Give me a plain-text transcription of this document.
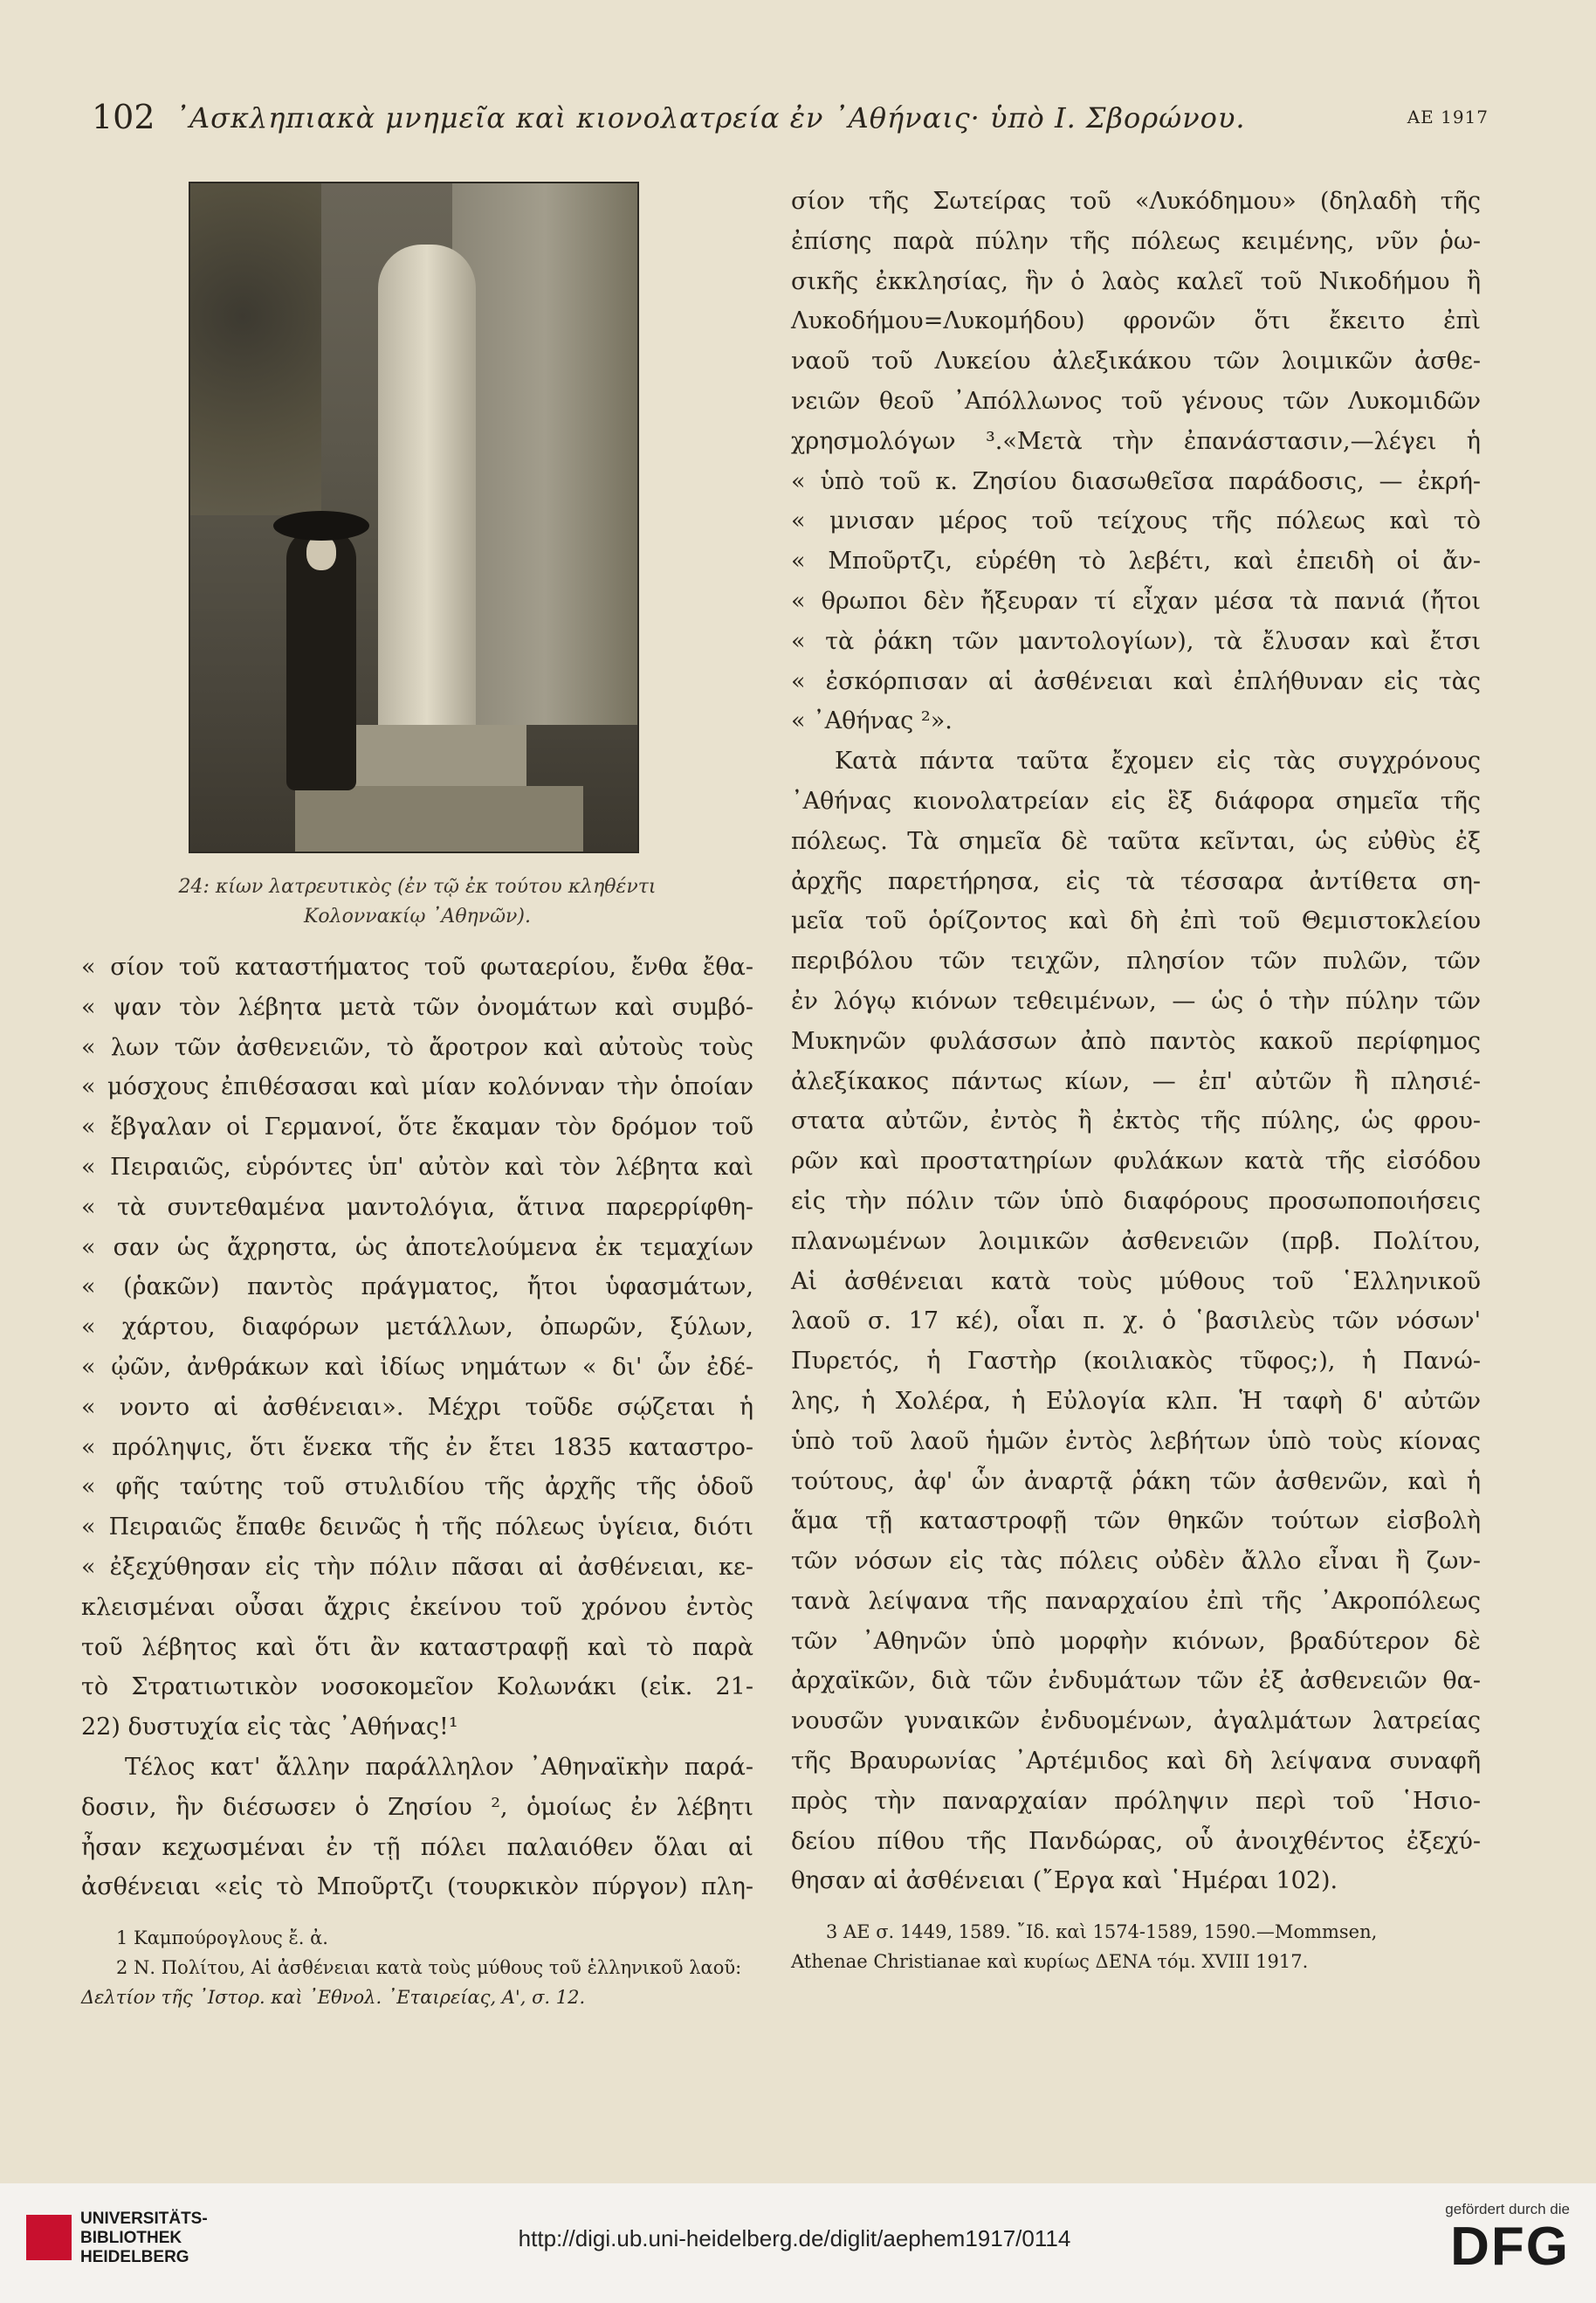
102 ᾿Ασκληπιακὰ μνημεῖα καὶ κιονολατρεία ἐν ᾿Αθήναις· ὑπὸ Ι. Σβορώνου.	ΑΕ 1917
24: κίων λατρευτικὸς (ἐν τῷ ἐκ τούτου κληθέντι
Κολοννακίῳ ᾿Αθηνῶν).

« σίον τοῦ καταστήματος τοῦ φωταερίου, ἔνθα ἔθα-

« ψαν τὸν λέβητα μετὰ τῶν ὀνομάτων καὶ συμβό-

« λων τῶν ἀσθενειῶν, τὸ ἄροτρον καὶ αὐτοὺς τοὺς

« μόσχους ἐπιθέσασαι καὶ μίαν κολόνναν τὴν ὁποίαν

« ἔβγαλαν οἱ Γερμανοί, ὅτε ἔκαμαν τὸν δρόμον τοῦ

« Πειραιῶς, εὑρόντες ὑπ' αὐτὸν καὶ τὸν λέβητα καὶ

« τὰ συντεθαμένα μαντολόγια, ἅτινα παρερρίφθη-

« σαν ὡς ἄχρηστα, ὡς ἀποτελούμενα ἐκ τεμαχίων

« (ῥακῶν) παντὸς πράγματος, ἤτοι ὑφασμάτων,

« χάρτου, διαφόρων μετάλλων, ὀπωρῶν, ξύλων,

« ᾠῶν, ἀνθράκων καὶ ἰδίως νημάτων « δι' ὧν ἐδέ-

« νοντο αἱ ἀσθένειαι». Μέχρι τοῦδε σῴζεται ἡ

« πρόληψις, ὅτι ἕνεκα τῆς ἐν ἔτει 1835 καταστρο-

« φῆς ταύτης τοῦ στυλιδίου τῆς ἀρχῆς τῆς ὁδοῦ

« Πειραιῶς ἔπαθε δεινῶς ἡ τῆς πόλεως ὑγίεια, διότι

« ἐξεχύθησαν εἰς τὴν πόλιν πᾶσαι αἱ ἀσθένειαι, κε-

κλεισμέναι οὖσαι ἄχρις ἐκείνου τοῦ χρόνου ἐντὸς

τοῦ λέβητος καὶ ὅτι ἂν καταστραφῇ καὶ τὸ παρὰ

τὸ Στρατιωτικὸν νοσοκομεῖον Κολωνάκι (εἰκ. 21-

22) δυστυχία εἰς τὰς ᾿Αθήνας!¹

Τέλος κατ' ἄλλην παράλληλον ᾿Αθηναϊκὴν παρά-

δοσιν, ἣν διέσωσεν ὁ Ζησίου ², ὁμοίως ἐν λέβητι

ἦσαν κεχωσμέναι ἐν τῇ πόλει παλαιόθεν ὅλαι αἱ

ἀσθένειαι «εἰς τὸ Μποῦρτζι (τουρκικὸν πύργον) πλη-

1 Καμπούρογλους ἔ. ἀ.

2 Ν. Πολίτου, Αἱ ἀσθένειαι κατὰ τοὺς μύθους τοῦ ἑλληνικοῦ λαοῦ:

Δελτίον τῆς ᾿Ιστορ. καὶ ᾿Εθνολ. ᾿Εταιρείας, Α', σ. 12.

σίον τῆς Σωτείρας τοῦ «Λυκόδημου» (δηλαδὴ τῆς

ἐπίσης παρὰ πύλην τῆς πόλεως κειμένης, νῦν ῥω-

σικῆς ἐκκλησίας, ἣν ὁ λαὸς καλεῖ τοῦ Νικοδήμου ἢ

Λυκοδήμου=Λυκομήδου) φρονῶν ὅτι ἔκειτο ἐπὶ

ναοῦ τοῦ Λυκείου ἀλεξικάκου τῶν λοιμικῶν ἀσθε-

νειῶν θεοῦ ᾿Απόλλωνος τοῦ γένους τῶν Λυκομιδῶν

χρησμολόγων ³.«Μετὰ τὴν ἐπανάστασιν,—λέγει ἡ

« ὑπὸ τοῦ κ. Ζησίου διασωθεῖσα παράδοσις, — ἐκρή-

« μνισαν μέρος τοῦ τείχους τῆς πόλεως καὶ τὸ

« Μποῦρτζι, εὑρέθη τὸ λεβέτι, καὶ ἐπειδὴ οἱ ἄν-

« θρωποι δὲν ἤξευραν τί εἶχαν μέσα τὰ πανιά (ἤτοι

« τὰ ῥάκη τῶν μαντολογίων), τὰ ἔλυσαν καὶ ἔτσι

« ἐσκόρπισαν αἱ ἀσθένειαι καὶ ἐπλήθυναν εἰς τὰς

« ᾿Αθήνας ²».

Κατὰ πάντα ταῦτα ἔχομεν εἰς τὰς συγχρόνους

᾿Αθήνας κιονολατρείαν εἰς ἓξ διάφορα σημεῖα τῆς

πόλεως. Τὰ σημεῖα δὲ ταῦτα κεῖνται, ὡς εὐθὺς ἐξ

ἀρχῆς παρετήρησα, εἰς τὰ τέσσαρα ἀντίθετα ση-

μεῖα τοῦ ὁρίζοντος καὶ δὴ ἐπὶ τοῦ Θεμιστοκλείου

περιβόλου τῶν τειχῶν, πλησίον τῶν πυλῶν, τῶν

ἐν λόγῳ κιόνων τεθειμένων, — ὡς ὁ τὴν πύλην τῶν

Μυκηνῶν φυλάσσων ἀπὸ παντὸς κακοῦ περίφημος

ἀλεξίκακος πάντως κίων, — ἐπ' αὐτῶν ἢ πλησιέ-

στατα αὐτῶν, ἐντὸς ἢ ἐκτὸς τῆς πύλης, ὡς φρου-

ρῶν καὶ προστατηρίων φυλάκων κατὰ τῆς εἰσόδου

εἰς τὴν πόλιν τῶν ὑπὸ διαφόρους προσωποποιήσεις

πλανωμένων λοιμικῶν ἀσθενειῶν (πρβ. Πολίτου,

Αἱ ἀσθένειαι κατὰ τοὺς μύθους τοῦ ῾Ελληνικοῦ

λαοῦ σ. 17 κέ), οἷαι π. χ. ὁ ῾βασιλεὺς τῶν νόσων'

Πυρετός, ἡ Γαστὴρ (κοιλιακὸς τῦφος;), ἡ Πανώ-

λης, ἡ Χολέρα, ἡ Εὐλογία κλπ. Ἡ ταφὴ δ' αὐτῶν

ὑπὸ τοῦ λαοῦ ἡμῶν ἐντὸς λεβήτων ὑπὸ τοὺς κίονας

τούτους, ἀφ' ὧν ἀναρτᾷ ῥάκη τῶν ἀσθενῶν, καὶ ἡ

ἅμα τῇ καταστροφῇ τῶν θηκῶν τούτων εἰσβολὴ

τῶν νόσων εἰς τὰς πόλεις οὐδὲν ἄλλο εἶναι ἢ ζων-

τανὰ λείψανα τῆς παναρχαίου ἐπὶ τῆς ᾿Ακροπόλεως

τῶν ᾿Αθηνῶν ὑπὸ μορφὴν κιόνων, βραδύτερον δὲ

ἀρχαϊκῶν, διὰ τῶν ἐνδυμάτων τῶν ἐξ ἀσθενειῶν θα-

νουσῶν γυναικῶν ἐνδυομένων, ἀγαλμάτων λατρείας

τῆς Βραυρωνίας ᾿Αρτέμιδος καὶ δὴ λείψανα συναφῆ

πρὸς τὴν παναρχαίαν πρόληψιν περὶ τοῦ ῾Ησιο-

δείου πίθου τῆς Πανδώρας, οὗ ἀνοιχθέντος ἐξεχύ-

θησαν αἱ ἀσθένειαι (῎Εργα καὶ ῾Ημέραι 102).

3 ΑΕ σ. 1449, 1589. ῎Ιδ. καὶ 1574-1589, 1590.—Mommsen,

Athenae Christianae καὶ κυρίως ΔΕΝΑ τόμ. XVIII 1917.

UNIVERSITÄTS-
BIBLIOTHEK
HEIDELBERG
http://digi.ub.uni-heidelberg.de/diglit/aephem1917/0114
gefördert durch die
DFG
